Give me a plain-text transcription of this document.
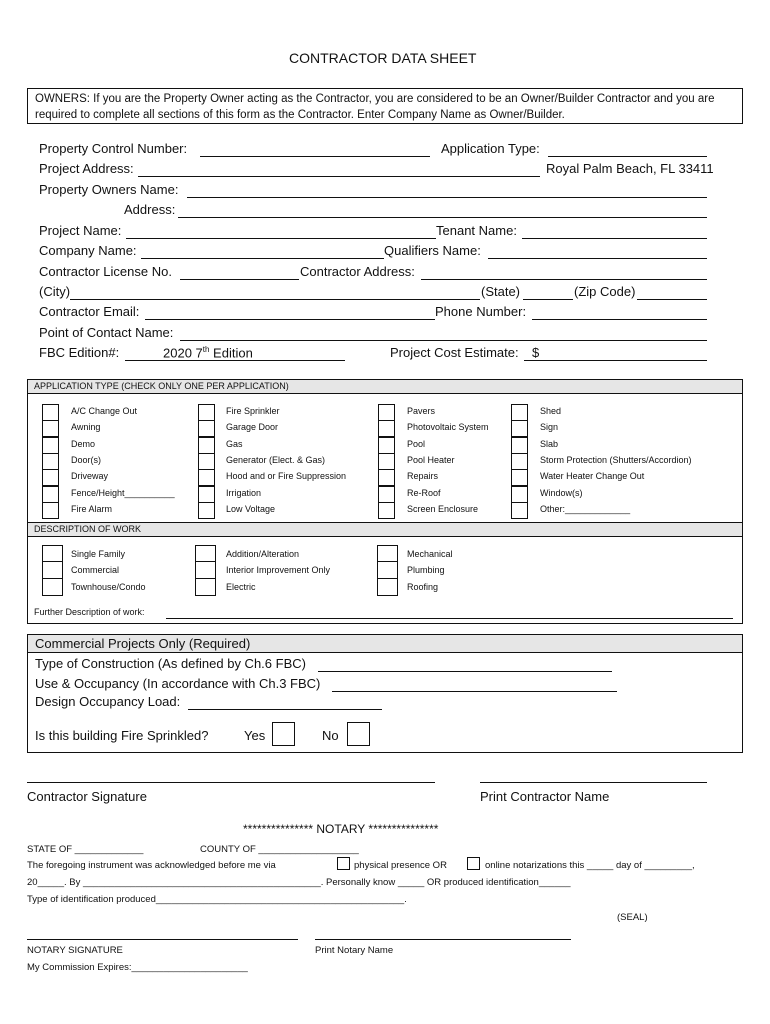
CONTRACTOR DATA SHEET
OWNERS: If you are the Property Owner acting as the Contractor, you are considered to be an Owner/Builder Contractor and you are required to complete all sections of this form as the Contractor. Enter Company Name as Owner/Builder.
Property Control Number:	Application Type:
Project Address:	Royal Palm Beach, FL 33411
Property Owners Name:
Address:
Project Name:	Tenant Name:
Company Name:	Qualifiers Name:
Contractor License No.	Contractor Address:
(City)	(State)	(Zip Code)
Contractor Email:	Phone Number:
Point of Contact Name:
FBC Edition#:	2020 7th Edition	Project Cost Estimate: $
APPLICATION TYPE (CHECK ONLY ONE PER APPLICATION)
A/C Change Out
Awning
Demo
Door(s)
Driveway
Fence/Height__________
Fire Alarm
Fire Sprinkler
Garage Door
Gas
Generator (Elect. & Gas)
Hood and or Fire Suppression
Irrigation
Low Voltage
Pavers
Photovoltaic System
Pool
Pool Heater
Repairs
Re-Roof
Screen Enclosure
Shed
Sign
Slab
Storm Protection (Shutters/Accordion)
Water Heater Change Out
Window(s)
Other:_____________
DESCRIPTION OF WORK
Single Family
Commercial
Townhouse/Condo
Addition/Alteration
Interior Improvement Only
Electric
Mechanical
Plumbing
Roofing
Further Description of work:
Commercial Projects Only (Required)
Type of Construction (As defined by Ch.6 FBC)
Use & Occupancy (In accordance with Ch.3 FBC)
Design Occupancy Load:
Is this building Fire Sprinkled?	Yes	No
Contractor Signature	Print Contractor Name
*************** NOTARY ***************
STATE OF _____________	COUNTY OF ___________________
The foregoing instrument was acknowledged before me via	physical presence OR	online notarizations this _____ day of _________,
20_____. By _____________________________________________. Personally know _____ OR produced identification______
Type of identification produced_______________________________________________.
(SEAL)
NOTARY SIGNATURE	Print Notary Name
My Commission Expires:______________________
